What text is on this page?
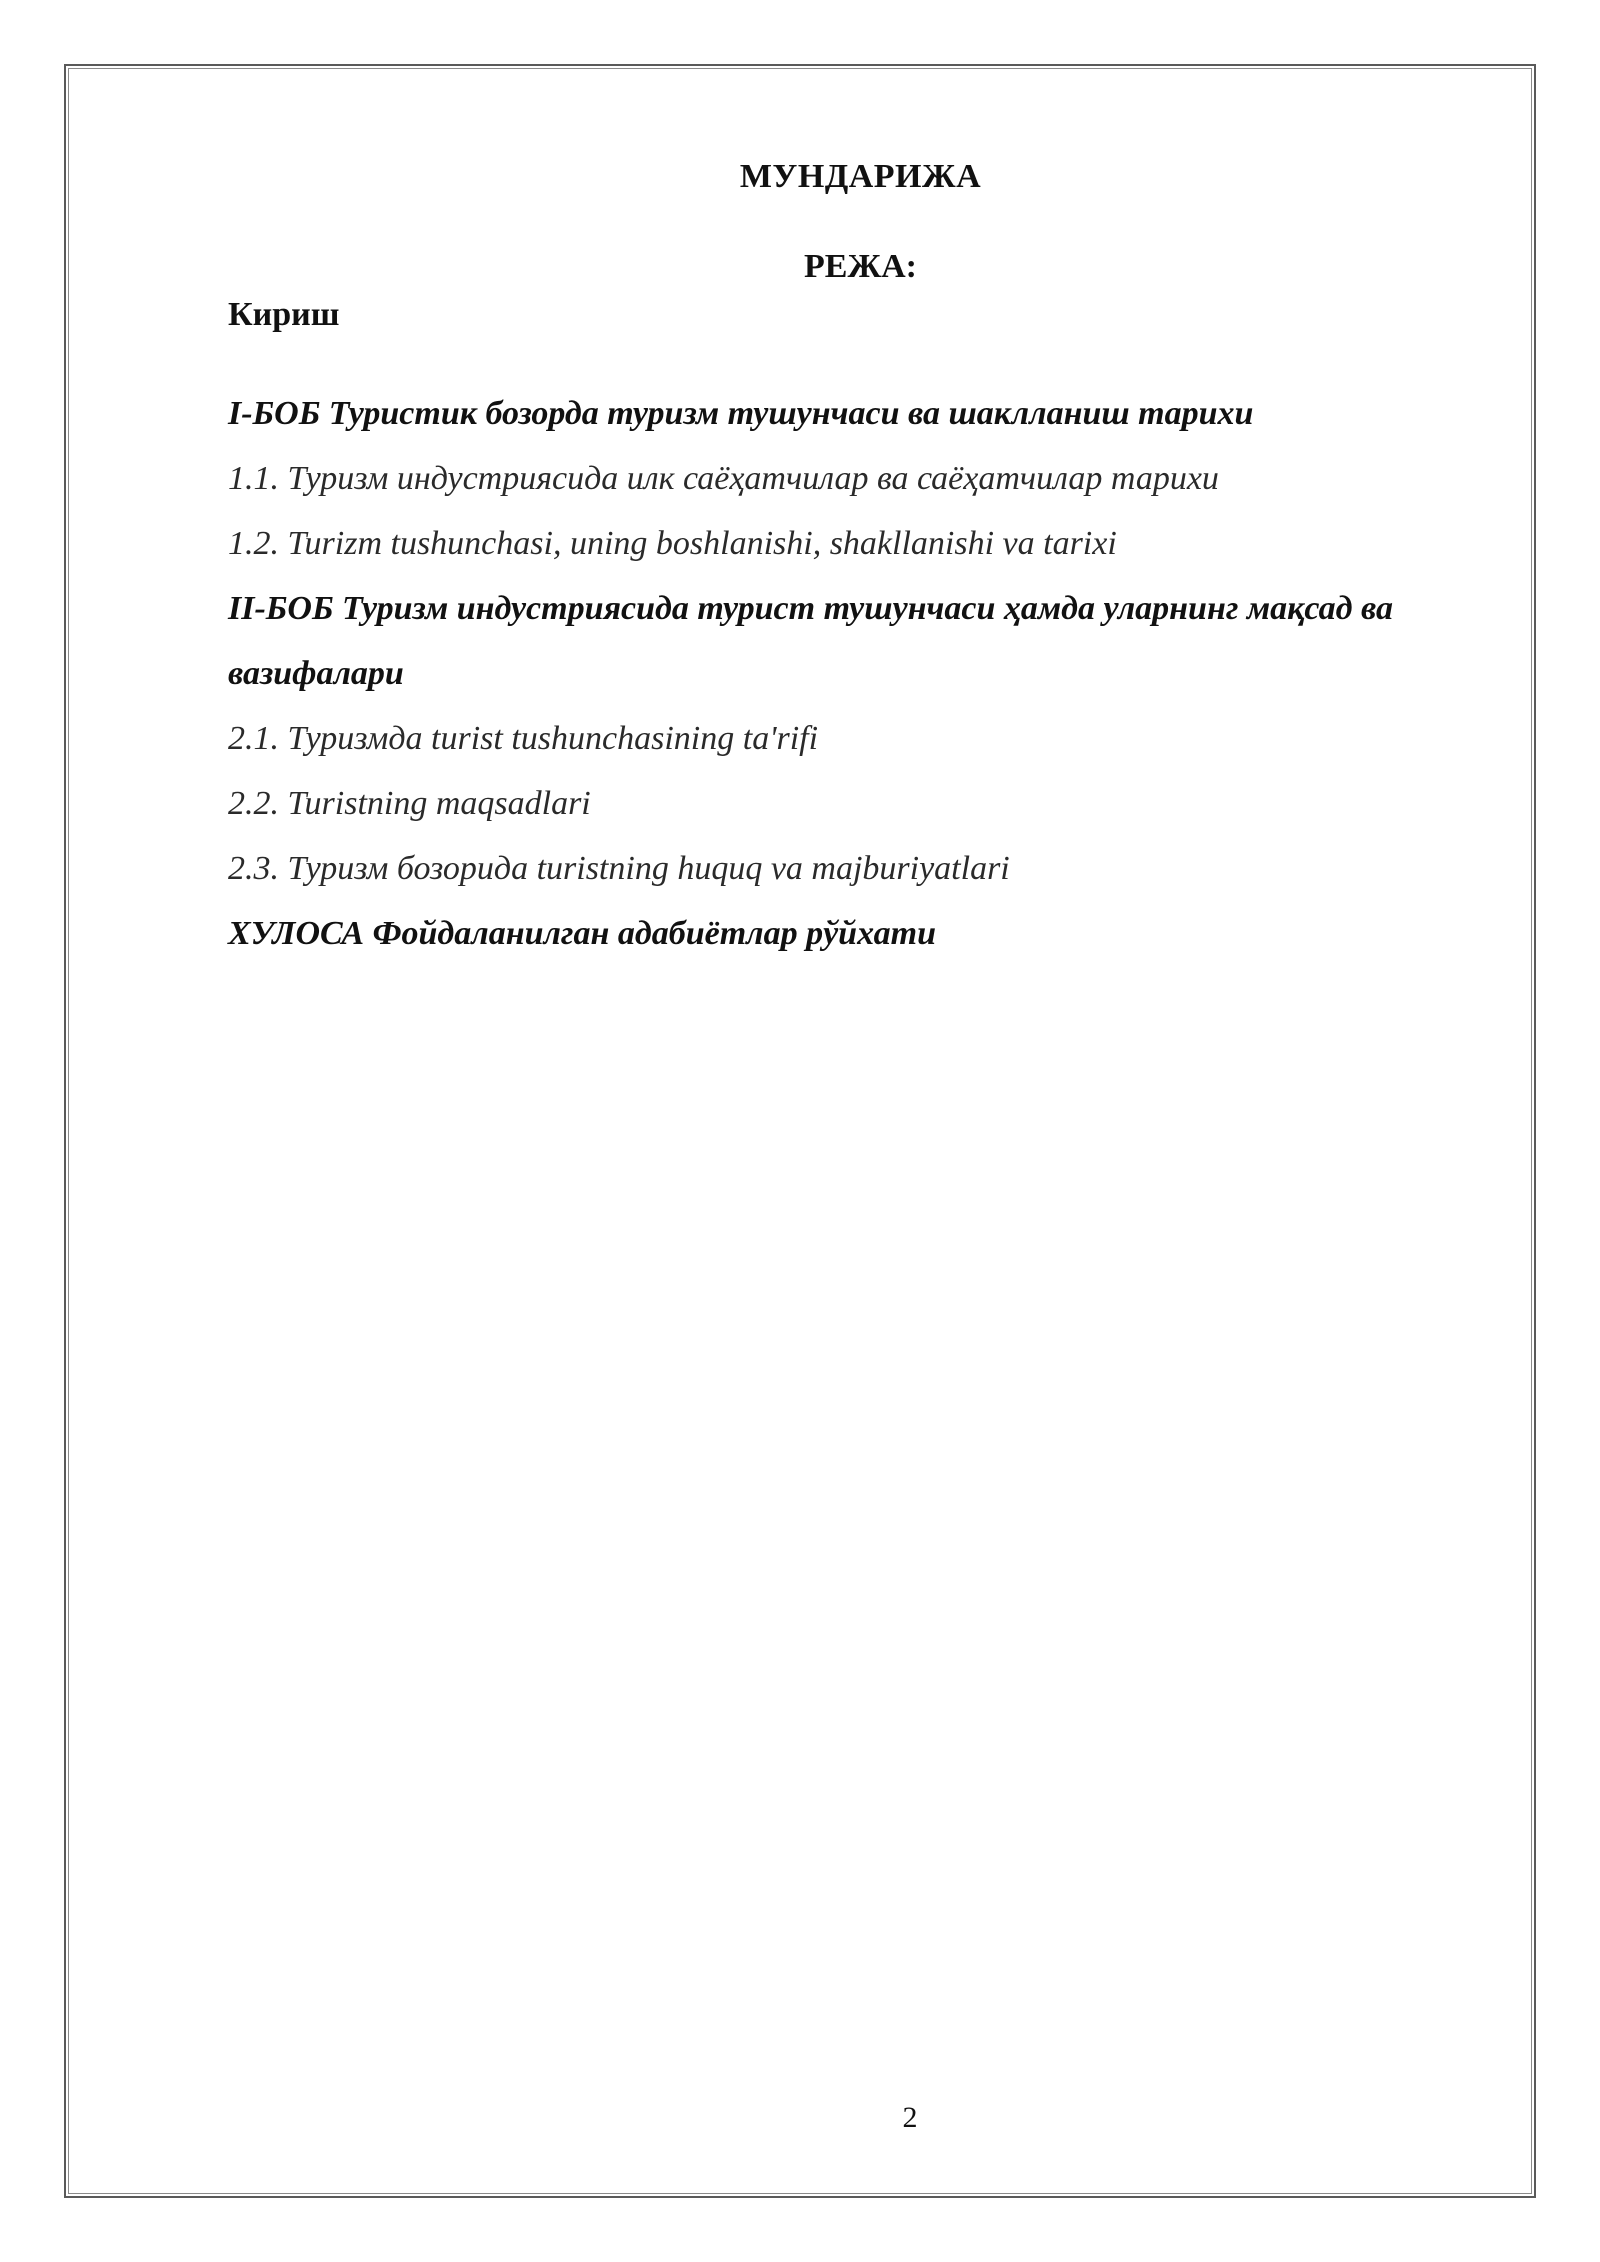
МУНДАРИЖА
РЕЖА:
Кириш
I-БОБ Туристик бозорда туризм тушунчаси ва шаклланиш тарихи
1.1. Туризм индустриясида илк саёҳатчилар ва саёҳатчилар тарихи
1.2. Turizm tushunchasi, uning boshlanishi, shakllanishi va tarixi
II-БОБ Туризм индустриясида турист тушунчаси ҳамда уларнинг мақсад ва вазифалари
2.1. Туризмда turist tushunchasining ta'rifi
2.2. Turistning maqsadlari
2.3. Туризм бозорида turistning huquq va majburiyatlari
ХУЛОСА Фойдаланилган адабиётлар рўйхати
2
